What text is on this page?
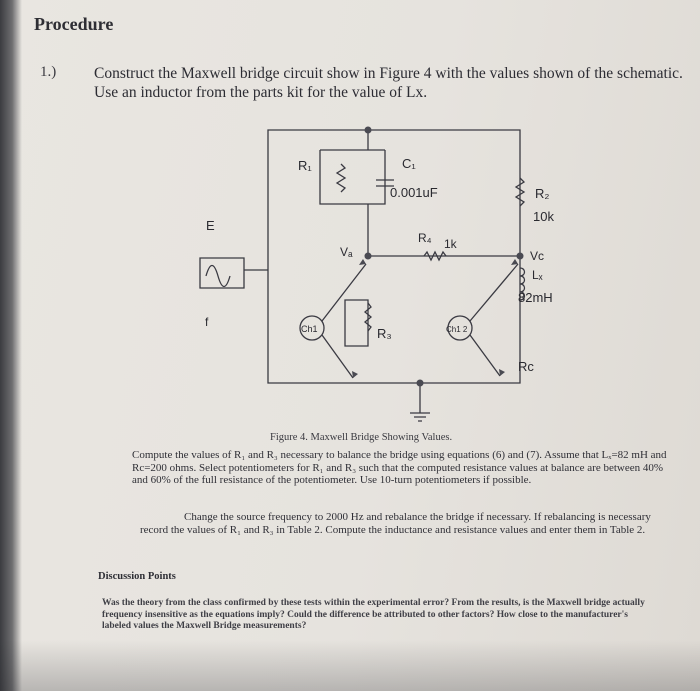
Procedure
1.) Construct the Maxwell bridge circuit show in Figure 4 with the values shown of the schematic. Use an inductor from the parts kit for the value of Lx.
R₁	C₁
0.001uF	R₂
10k
E
R₄ 1k
Vₐ	Vᴄ
Lₓ
82mH
f	Ch1	R₃	Ch1 2
Rc
Figure 4. Maxwell Bridge Showing Values.
Compute the values of R₁ and R₃ necessary to balance the bridge using equations (6) and (7). Assume that Lₓ=82 mH and Rc=200 ohms. Select potentiometers for R₁ and R₃ such that the computed resistance values at balance are between 40% and 60% of the full resistance of the potentiometer. Use 10-turn potentiometers if possible.
Change the source frequency to 2000 Hz and rebalance the bridge if necessary. If rebalancing is necessary record the values of R₁ and R₃ in Table 2. Compute the inductance and resistance values and enter them in Table 2.
Discussion Points
Was the theory from the class confirmed by these tests within the experimental error? From the results, is the Maxwell bridge actually frequency insensitive as the equations imply? Could the difference be attributed to other factors? How close to the manufacturer's labeled values the Maxwell Bridge measurements?
